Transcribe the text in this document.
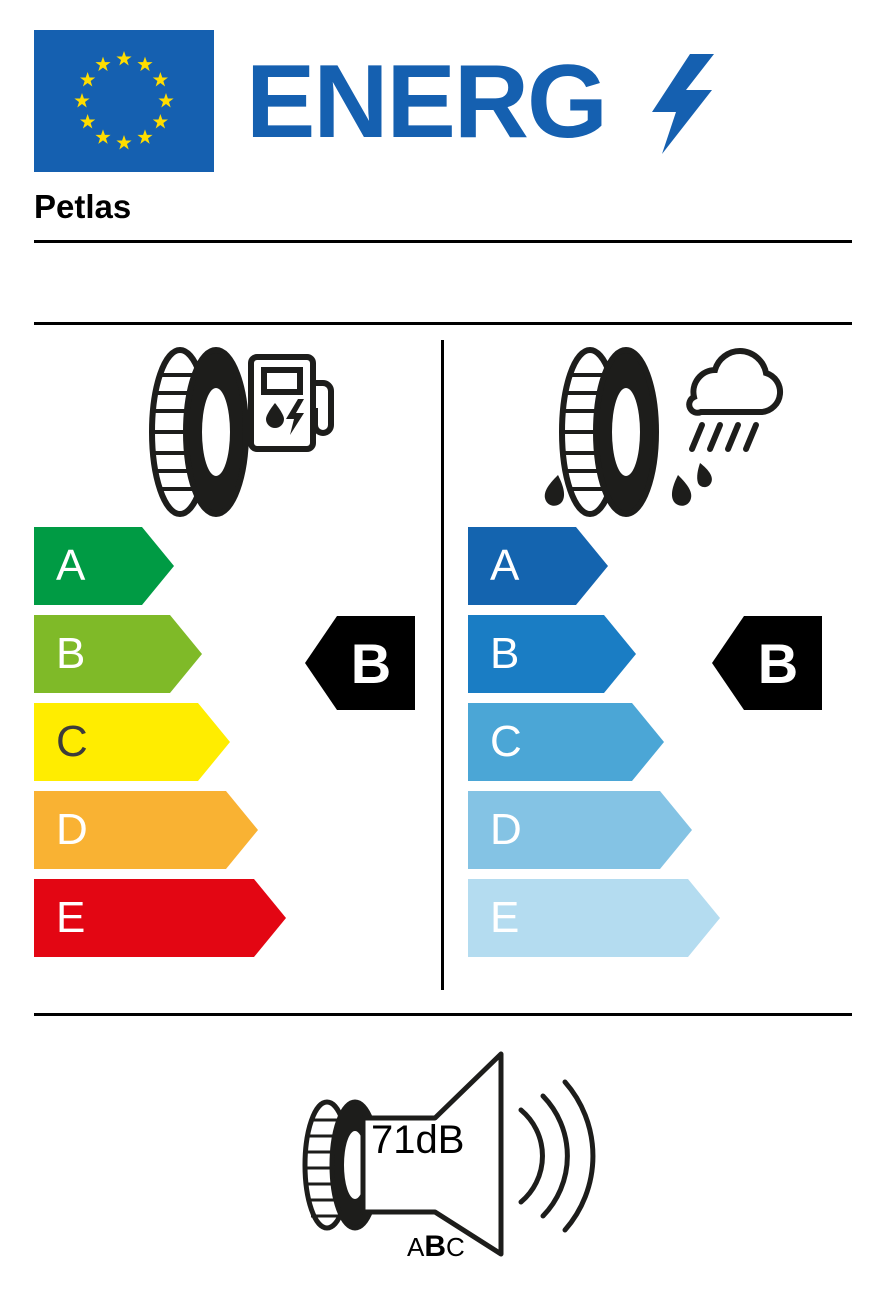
ENERG
Petlas
A
B
C
D
E
B
A
B
C
D
E
B
71dB
ABC
